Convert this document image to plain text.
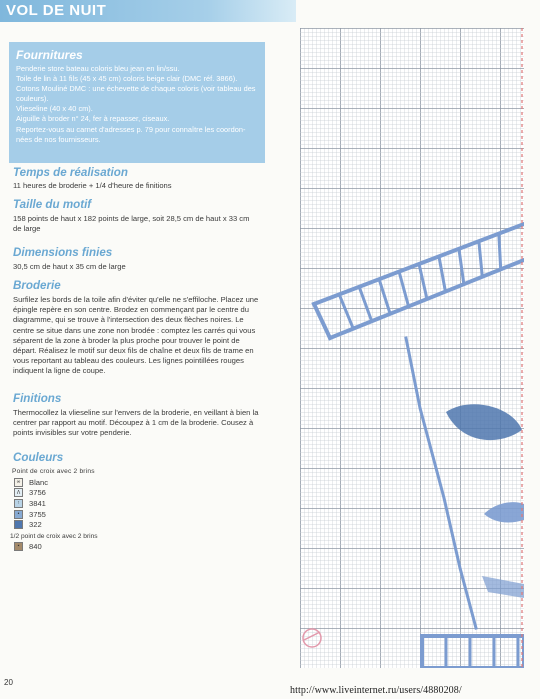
VOL DE NUIT
Fournitures

Penderie store bateau coloris bleu jean en lin/ssu.
Toile de lin à 11 fils (45 x 45 cm) coloris beige clair (DMC réf. 3866).
Cotons Mouliné DMC : une échevette de chaque coloris (voir tableau des
couleurs).
Vlieseline (40 x 40 cm).
Aiguille à broder n° 24, fer à repasser, ciseaux.
Reportez-vous au carnet d'adresses p. 79 pour connaître les coordon-
nées de nos fournisseurs.

Temps de réalisation

11 heures de broderie + 1/4 d'heure de finitions

Taille du motif

158 points de haut x 182 points de large, soit 28,5 cm de haut x 33 cm
de large

Dimensions finies

30,5 cm de haut x 35 cm de large

Broderie

Surfilez les bords de la toile afin d'éviter qu'elle ne s'effiloche. Placez une
épingle repère en son centre. Brodez en commençant par le centre du
diagramme, qui se trouve à l'intersection des deux flèches noires. Le
centre se situe dans une zone non brodée : comptez les carrés qui vous
séparent de la zone à broder la plus proche pour trouver le point de
départ. Réalisez le motif sur deux fils de chaîne et deux fils de trame en
vous reportant au tableau des couleurs. Les lignes pointillées rouges
indiquent la ligne de coupe.

Finitions

Thermocollez la vlieseline sur l'envers de la broderie, en veillant à bien la
centrer par rapport au motif. Découpez à 1 cm de la broderie. Cousez à
points invisibles sur votre penderie.

Couleurs
Point de croix avec 2 brins
∞	Blanc
Λ	3756
↑	3841
•	3755
322
1/2 point de croix avec 2 brins
▪	840
20
http://www.liveinternet.ru/users/4880208/
